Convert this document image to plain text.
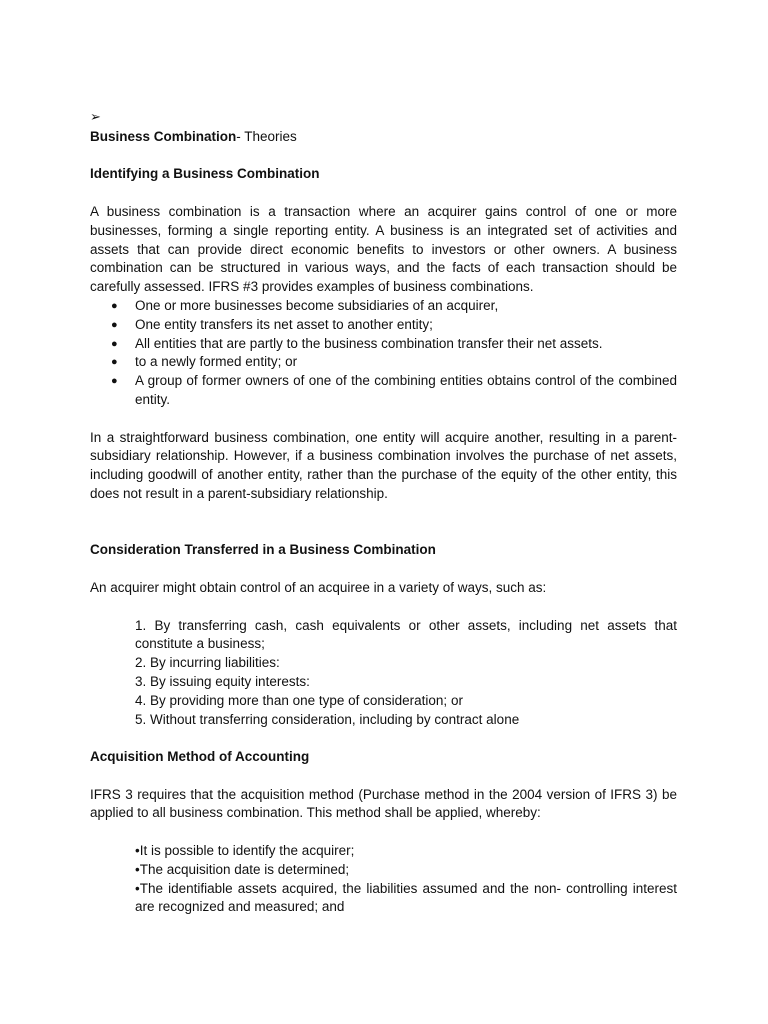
➢
Business Combination- Theories
Identifying a Business Combination

A business combination is a transaction where an acquirer gains control of one or more businesses, forming a single reporting entity. A business is an integrated set of activities and assets that can provide direct economic benefits to investors or other owners. A business combination can be structured in various ways, and the facts of each transaction should be carefully assessed. IFRS #3 provides examples of business combinations.

● One or more businesses become subsidiaries of an acquirer,
● One entity transfers its net asset to another entity;
● All entities that are partly to the business combination transfer their net assets.
● to a newly formed entity; or
● A group of former owners of one of the combining entities obtains control of the combined entity.

In a straightforward business combination, one entity will acquire another, resulting in a parent-subsidiary relationship. However, if a business combination involves the purchase of net assets, including goodwill of another entity, rather than the purchase of the equity of the other entity, this does not result in a parent-subsidiary relationship.

Consideration Transferred in a Business Combination

An acquirer might obtain control of an acquiree in a variety of ways, such as:

1. By transferring cash, cash equivalents or other assets, including net assets that constitute a business;
2. By incurring liabilities:
3. By issuing equity interests:
4. By providing more than one type of consideration; or
5. Without transferring consideration, including by contract alone
Acquisition Method of Accounting

IFRS 3 requires that the acquisition method (Purchase method in the 2004 version of IFRS 3) be applied to all business combination. This method shall be applied, whereby:

•It is possible to identify the acquirer;
•The acquisition date is determined;
•The identifiable assets acquired, the liabilities assumed and the non- controlling interest are recognized and measured; and
